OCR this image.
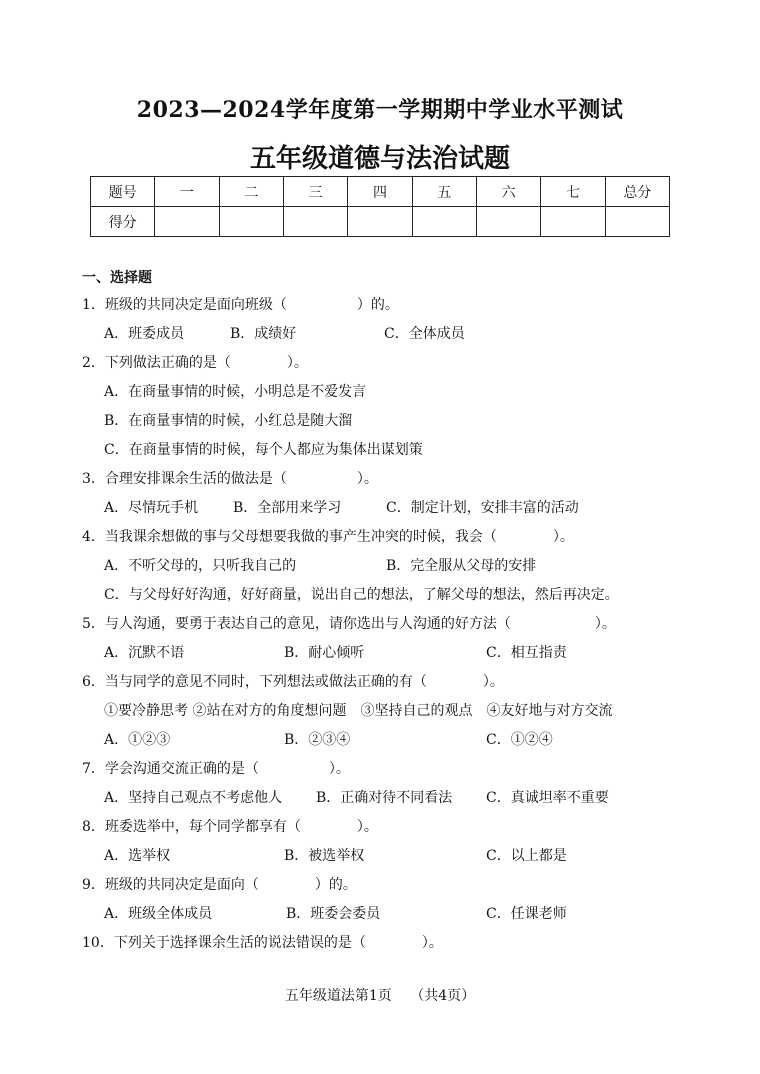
2023—2024学年度第一学期期中学业水平测试
五年级道德与法治试题
题号	一	二	三	四	五	六	七	总分
得分								
一、选择题
1．班级的共同决定是面向班级（　　　　　）的。

A．班委成员

	B．成绩好

	C．全体成员

2．下列做法正确的是（　　　　）。
A．在商量事情的时候，小明总是不爱发言
B．在商量事情的时候，小红总是随大溜
C．在商量事情的时候，每个人都应为集体出谋划策
3．合理安排课余生活的做法是（　　　　　）。

A．尽情玩手机

B．全部用来学习

	C．制定计划，安排丰富的活动

4．当我课余想做的事与父母想要我做的事产生冲突的时候，我会（　　　　）。

A．不听父母的，只听我自己的

	B．完全服从父母的安排

C．与父母好好沟通，好好商量，说出自己的想法，了解父母的想法，然后再决定。
5．与人沟通，要勇于表达自己的意见，请你选出与人沟通的好方法（　　　　　　）。

A．沉默不语

	B．耐心倾听

	C．相互指责

6．当与同学的意见不同时，下列想法或做法正确的有（　　　　）。
①要冷静思考 ②站在对方的角度想问题　③坚持自己的观点　④友好地与对方交流

A．①②③

	B．②③④

	C．①②④

7．学会沟通交流正确的是（　　　　　）。

A．坚持自己观点不考虑他人

B．正确对待不同看法

C．真诚坦率不重要

8．班委选举中，每个同学都享有（　　　　）。

A．选举权

	B．被选举权

	C．以上都是

9．班级的共同决定是面向（　　　　）的。

A．班级全体成员

	B．班委会委员

	C．任课老师

10．下列关于选择课余生活的说法错误的是（　　　　）。
五年级道法第1页　 （共4页）
